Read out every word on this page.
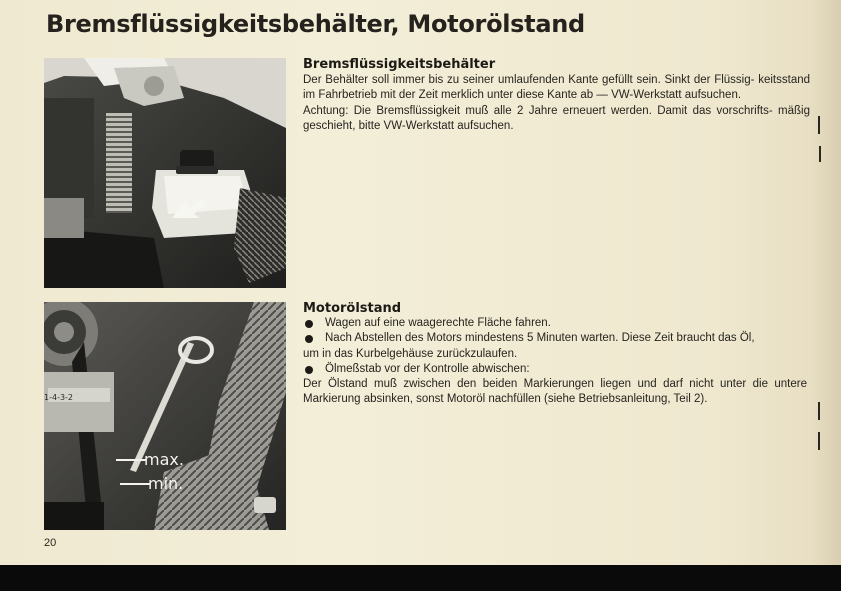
Bremsflüssigkeitsbehälter, Motorölstand
Bremsflüssigkeitsbehälter

Der Behälter soll immer bis zu seiner umlaufenden Kante gefüllt sein. Sinkt der Flüssig- keitsstand im Fahrbetrieb mit der Zeit merklich unter diese Kante ab — VW-Werkstatt aufsuchen.

Achtung: Die Bremsflüssigkeit muß alle 2 Jahre erneuert werden. Damit das vorschrifts- mäßig geschieht, bitte VW-Werkstatt aufsuchen.

max.
min.
1-4-3-2
Motorölstand
Wagen auf eine waagerechte Fläche fahren.
Nach Abstellen des Motors mindestens 5 Minuten warten. Diese Zeit braucht das Öl,
um in das Kurbelgehäuse zurückzulaufen.
Ölmeßstab vor der Kontrolle abwischen:

Der Ölstand muß zwischen den beiden Markierungen liegen und darf nicht unter die untere Markierung absinken, sonst Motoröl nachfüllen (siehe Betriebsanleitung, Teil 2).

20
